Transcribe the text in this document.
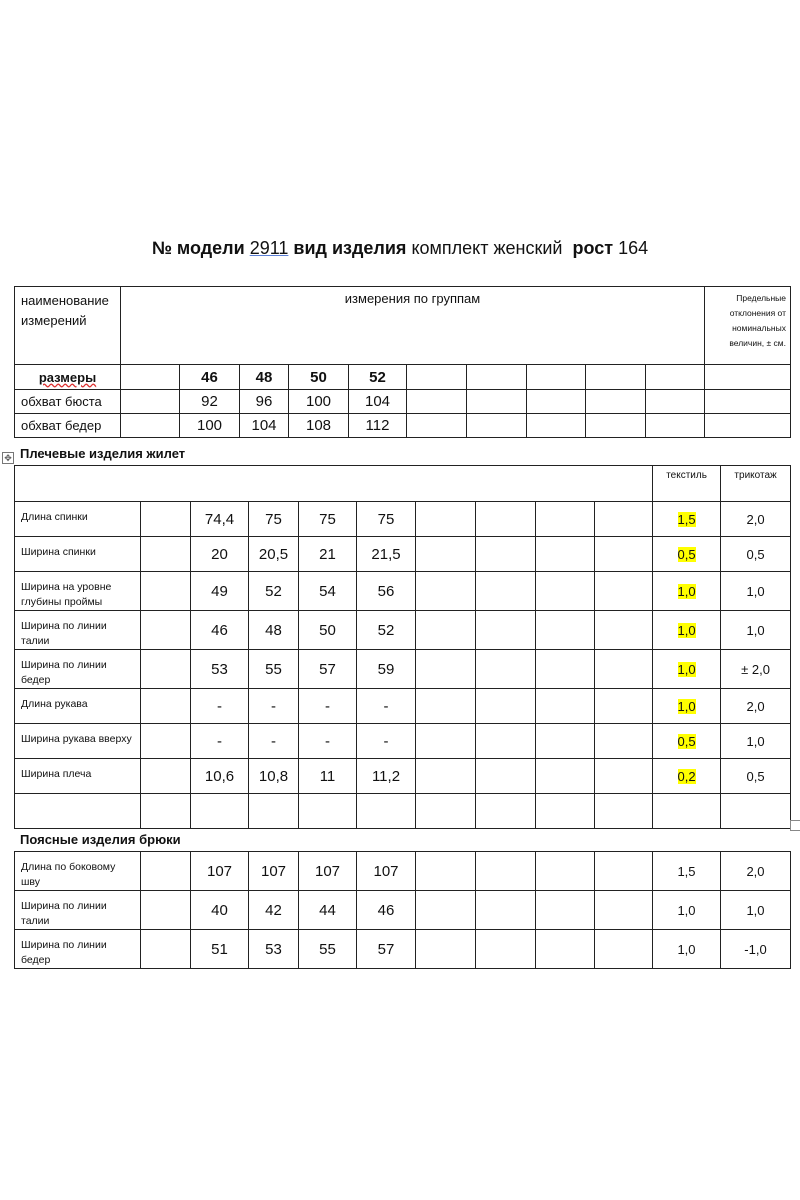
№ модели 2911 вид изделия комплект женский рост 164
наименование измерений	измерения по группам										Предельные отклонения от номинальных величин, ± см.
размеры		46	48	50	52						
обхват бюста		92	96	100	104						
обхват бедер		100	104	108	112						
✥ Плечевые изделия жилет
										текстиль	трикотаж
Длина спинки		74,4	75	75	75					1,5	2,0
Ширина спинки		20	20,5	21	21,5					0,5	0,5
Ширина на уровне глубины проймы		49	52	54	56					1,0	1,0
Ширина по линии талии		46	48	50	52					1,0	1,0
Ширина по линии бедер		53	55	57	59					1,0	± 2,0
Длина рукава		-	-	-	-					1,0	2,0
Ширина рукава вверху		-	-	-	-					0,5	1,0
Ширина плеча		10,6	10,8	11	11,2					0,2	0,5

Поясные изделия брюки
Длина по боковому шву		107	107	107	107					1,5	2,0
Ширина по линии талии		40	42	44	46					1,0	1,0
Ширина по линии бедер		51	53	55	57					1,0	-1,0
